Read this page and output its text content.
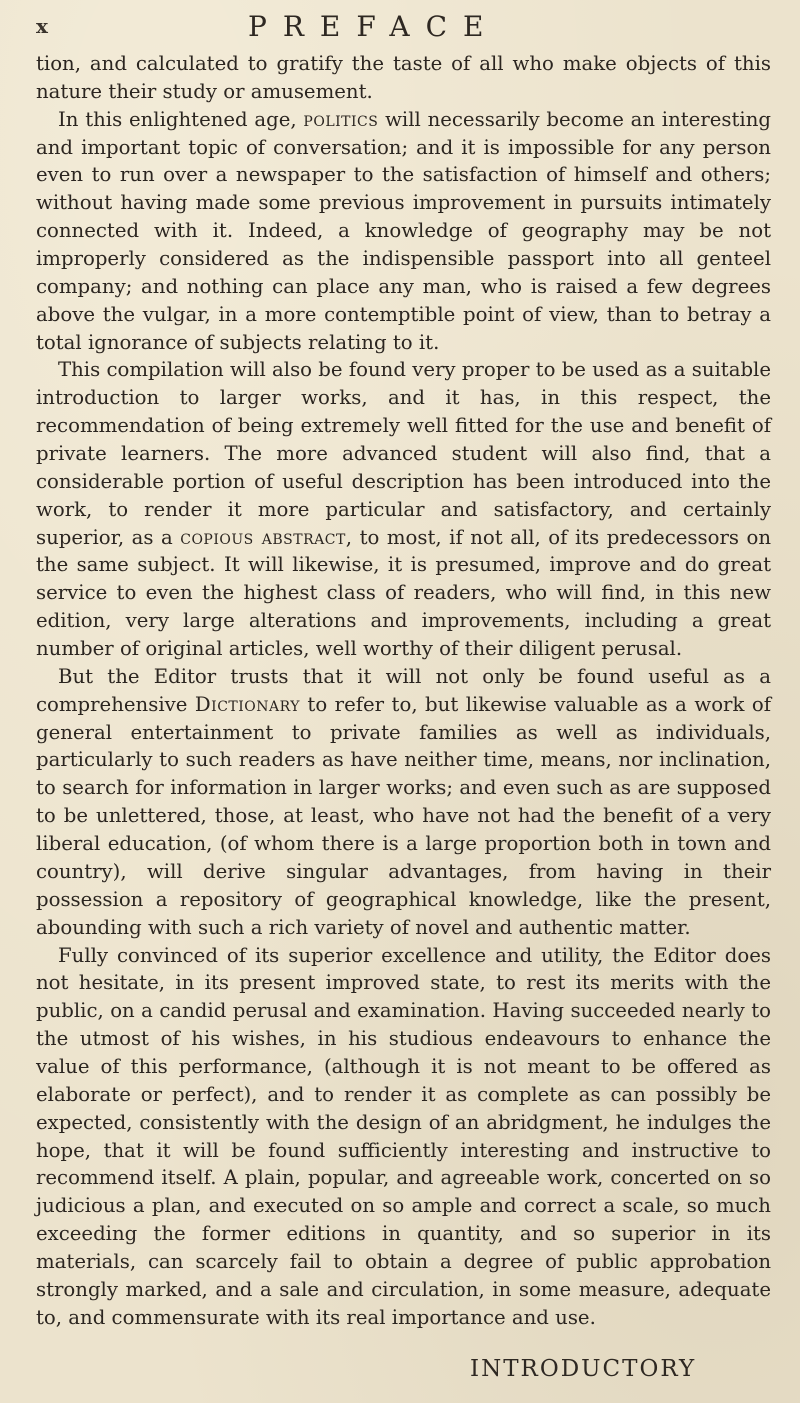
x	PREFACE

tion, and calculated to gratify the taste of all who make objects of this nature their study or amusement.

In this enlightened age, politics will necessarily become an interesting and important topic of conversation; and it is impossible for any person even to run over a newspaper to the satisfaction of himself and others; without having made some previous improvement in pursuits intimately connected with it. Indeed, a knowledge of geography may be not improperly considered as the indispensible passport into all genteel company; and nothing can place any man, who is raised a few degrees above the vulgar, in a more contemptible point of view, than to betray a total ignorance of subjects relating to it.

This compilation will also be found very proper to be used as a suitable introduction to larger works, and it has, in this respect, the recommendation of being extremely well fitted for the use and benefit of private learners. The more advanced student will also find, that a considerable portion of useful description has been introduced into the work, to render it more particular and satisfactory, and certainly superior, as a copious abstract, to most, if not all, of its predecessors on the same subject. It will likewise, it is presumed, improve and do great service to even the highest class of readers, who will find, in this new edition, very large alterations and improvements, including a great number of original articles, well worthy of their diligent perusal.

But the Editor trusts that it will not only be found useful as a comprehensive Dictionary to refer to, but likewise valuable as a work of general entertainment to private families as well as individuals, particularly to such readers as have neither time, means, nor inclination, to search for information in larger works; and even such as are supposed to be unlettered, those, at least, who have not had the benefit of a very liberal education, (of whom there is a large proportion both in town and country), will derive singular advantages, from having in their possession a repository of geographical knowledge, like the present, abounding with such a rich variety of novel and authentic matter.

Fully convinced of its superior excellence and utility, the Editor does not hesitate, in its present improved state, to rest its merits with the public, on a candid perusal and examination. Having succeeded nearly to the utmost of his wishes, in his studious endeavours to enhance the value of this performance, (although it is not meant to be offered as elaborate or perfect), and to render it as complete as can possibly be expected, consistently with the design of an abridgment, he indulges the hope, that it will be found sufficiently interesting and instructive to recommend itself. A plain, popular, and agreeable work, concerted on so judicious a plan, and executed on so ample and correct a scale, so much exceeding the former editions in quantity, and so superior in its materials, can scarcely fail to obtain a degree of public approbation strongly marked, and a sale and circulation, in some measure, adequate to, and commensurate with its real importance and use.

INTRODUCTORY
